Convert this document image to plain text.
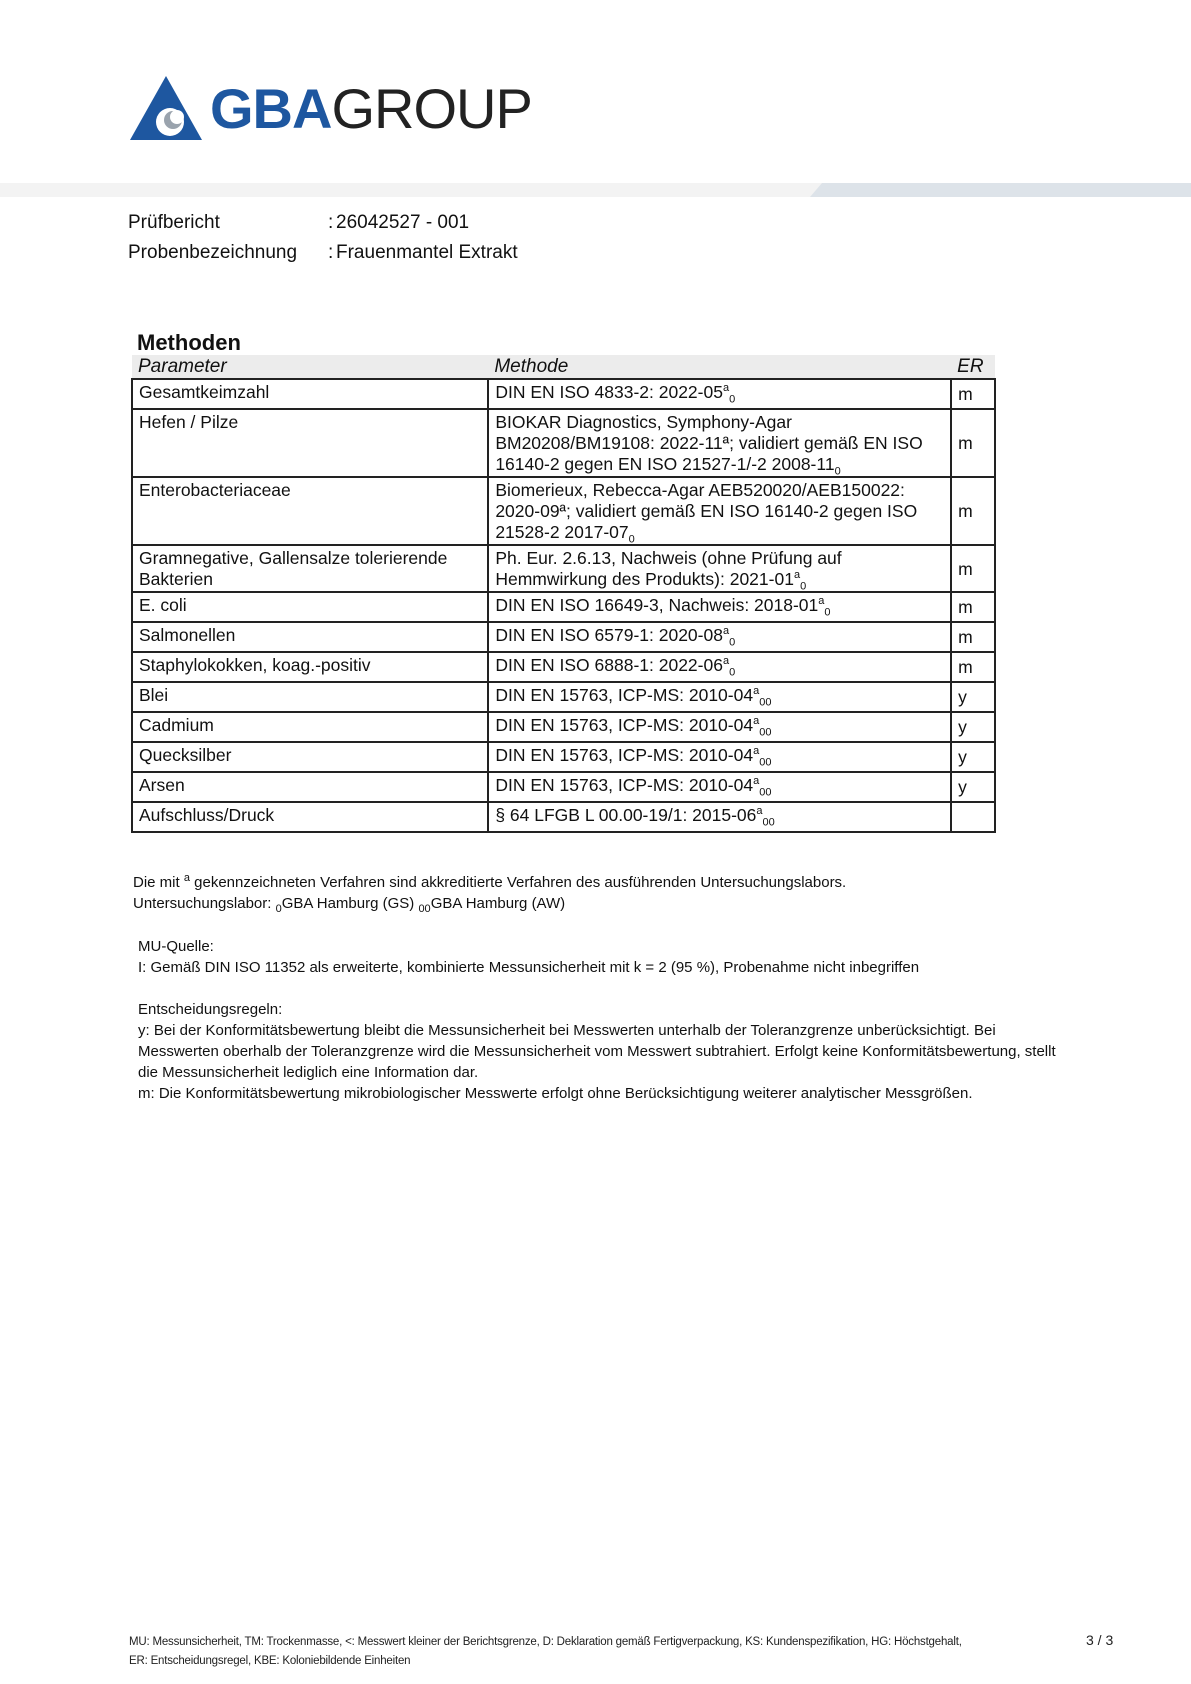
GBAGROUP
Prüfbericht	: 26042527 - 001
Probenbezeichnung	: Frauenmantel Extrakt
Methoden
Parameter	Methode	ER
Gesamtkeimzahl	DIN EN ISO 4833-2: $2022-05^a_0$	m
Hefen / Pilze	BIOKAR Diagnostics, Symphony-Agar BM20208/BM19108: 2022-11ª; validiert gemäß EN ISO 16140-2 gegen EN ISO 21527-1/-2 $2008-11_0$	m
Enterobacteriaceae	Biomerieux, Rebecca-Agar AEB520020/AEB150022: 2020-09ª; validiert gemäß EN ISO 16140-2 gegen ISO 21528-2 $2017-07_0$	m
Gramnegative, Gallensalze tolerierende Bakterien	Ph. Eur. 2.6.13, Nachweis (ohne Prüfung auf Hemmwirkung des Produkts): $2021-01^a_0$	m
E. coli	DIN EN ISO 16649-3, Nachweis: $2018-01^a_0$	m
Salmonellen	DIN EN ISO 6579-1: $2020-08^a_0$	m
Staphylokokken, koag.-positiv	DIN EN ISO 6888-1: $2022-06^a_0$	m
Blei	DIN EN 15763, ICP-MS: $2010-04^a_{00}$	y
Cadmium	DIN EN 15763, ICP-MS: $2010-04^a_{00}$	y
Quecksilber	DIN EN 15763, ICP-MS: $2010-04^a_{00}$	y
Arsen	DIN EN 15763, ICP-MS: $2010-04^a_{00}$	y
Aufschluss/Druck	§ 64 LFGB L 00.00-19/1: $2015-06^a_{00}$	
Die mit $^a$ gekennzeichneten Verfahren sind akkreditierte Verfahren des ausführenden Untersuchungslabors.
Untersuchungslabor: $_0$GBA Hamburg (GS) $_{00}$GBA Hamburg (AW)
MU-Quelle:
I: Gemäß DIN ISO 11352 als erweiterte, kombinierte Messunsicherheit mit k = 2 (95 %), Probenahme nicht inbegriffen
Entscheidungsregeln:
y: Bei der Konformitätsbewertung bleibt die Messunsicherheit bei Messwerten unterhalb der Toleranzgrenze unberücksichtigt. Bei Messwerten oberhalb der Toleranzgrenze wird die Messunsicherheit vom Messwert subtrahiert. Erfolgt keine Konformitätsbewertung, stellt die Messunsicherheit lediglich eine Information dar.
m: Die Konformitätsbewertung mikrobiologischer Messwerte erfolgt ohne Berücksichtigung weiterer analytischer Messgrößen.
MU: Messunsicherheit, TM: Trockenmasse, <: Messwert kleiner der Berichtsgrenze, D: Deklaration gemäß Fertigverpackung, KS: Kundenspezifikation, HG: Höchstgehalt,
ER: Entscheidungsregel, KBE: Koloniebildende Einheiten
3 / 3
